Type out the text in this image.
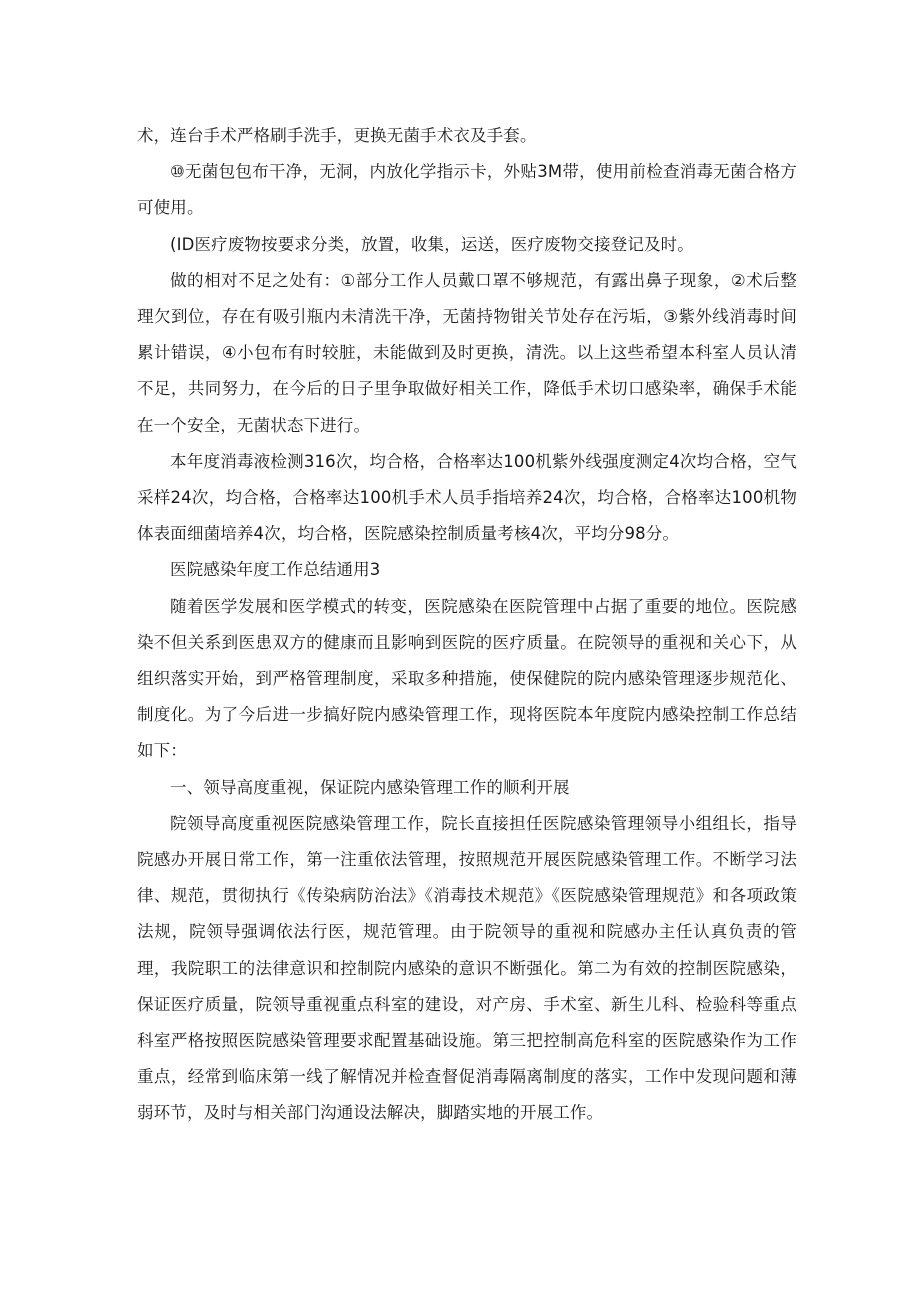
术，连台手术严格刷手洗手，更换无菌手术衣及手套。

⑩无菌包包布干净，无洞，内放化学指示卡，外贴3M带，使用前检查消毒无菌合格方可使用。

(ID医疗废物按要求分类，放置，收集，运送，医疗废物交接登记及时。

做的相对不足之处有：①部分工作人员戴口罩不够规范，有露出鼻子现象，②术后整理欠到位，存在有吸引瓶内未清洗干净，无菌持物钳关节处存在污垢，③紫外线消毒时间累计错误，④小包布有时较脏，未能做到及时更换，清洗。以上这些希望本科室人员认清不足，共同努力，在今后的日子里争取做好相关工作，降低手术切口感染率，确保手术能在一个安全，无菌状态下进行。

本年度消毒液检测316次，均合格，合格率达100机紫外线强度测定4次均合格，空气采样24次，均合格，合格率达100机手术人员手指培养24次，均合格，合格率达100机物体表面细菌培养4次，均合格，医院感染控制质量考核4次，平均分98分。

医院感染年度工作总结通用3

随着医学发展和医学模式的转变，医院感染在医院管理中占据了重要的地位。医院感染不但关系到医患双方的健康而且影响到医院的医疗质量。在院领导的重视和关心下，从组织落实开始，到严格管理制度，采取多种措施，使保健院的院内感染管理逐步规范化、制度化。为了今后进一步搞好院内感染管理工作，现将医院本年度院内感染控制工作总结如下：

一、领导高度重视，保证院内感染管理工作的顺利开展

院领导高度重视医院感染管理工作，院长直接担任医院感染管理领导小组组长，指导院感办开展日常工作，第一注重依法管理，按照规范开展医院感染管理工作。不断学习法律、规范，贯彻执行《传染病防治法》《消毒技术规范》《医院感染管理规范》和各项政策法规，院领导强调依法行医，规范管理。由于院领导的重视和院感办主任认真负责的管理，我院职工的法律意识和控制院内感染的意识不断强化。第二为有效的控制医院感染，保证医疗质量，院领导重视重点科室的建设，对产房、手术室、新生儿科、检验科等重点科室严格按照医院感染管理要求配置基础设施。第三把控制高危科室的医院感染作为工作重点，经常到临床第一线了解情况并检查督促消毒隔离制度的落实，工作中发现问题和薄弱环节，及时与相关部门沟通设法解决，脚踏实地的开展工作。
